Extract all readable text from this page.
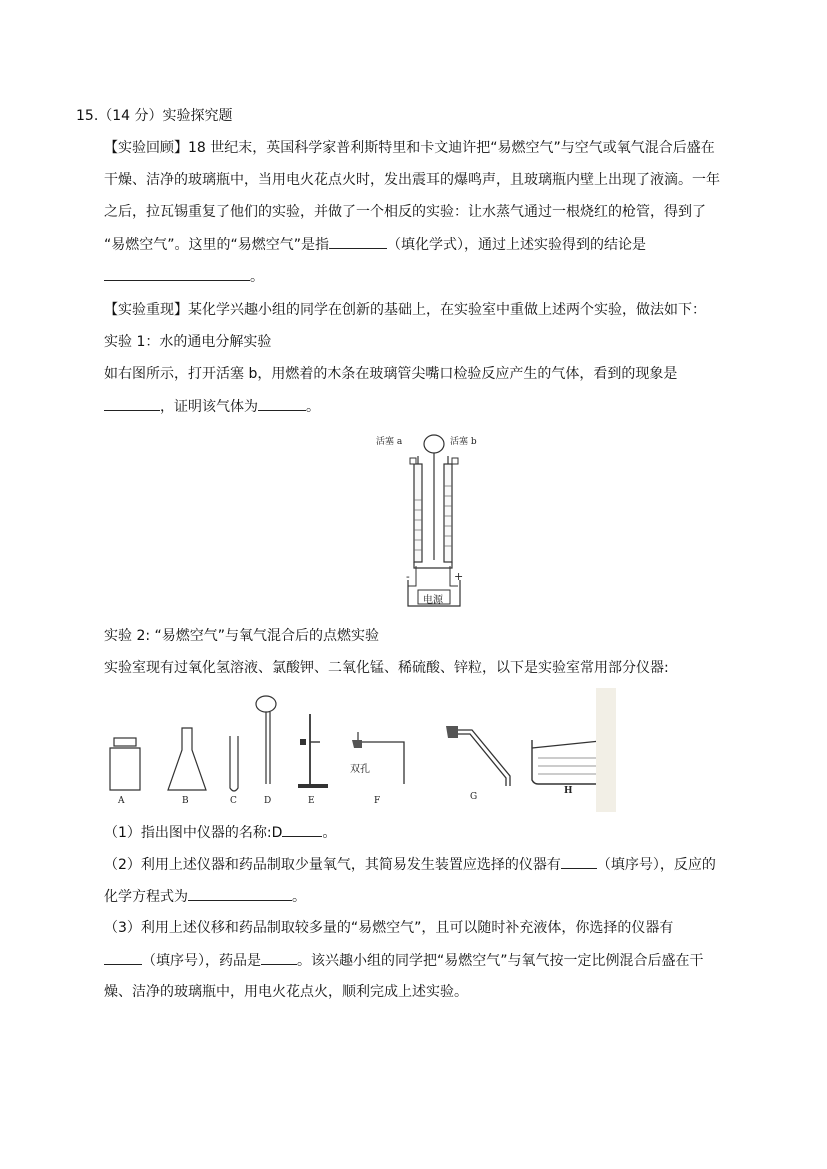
15.（14 分）实验探究题
【实验回顾】18 世纪末，英国科学家普利斯特里和卡文迪许把“易燃空气”与空气或氧气混合后盛在
干燥、洁净的玻璃瓶中，当用电火花点火时，发出震耳的爆鸣声，且玻璃瓶内壁上出现了液滴。一年
之后，拉瓦锡重复了他们的实验，并做了一个相反的实验：让水蒸气通过一根烧红的枪管，得到了
“易燃空气”。这里的“易燃空气”是指	（填化学式），通过上述实验得到的结论是
。
【实验重现】某化学兴趣小组的同学在创新的基础上，在实验室中重做上述两个实验，做法如下：
实验 1：水的通电分解实验
如右图所示，打开活塞 b，用燃着的木条在玻璃管尖嘴口检验反应产生的气体，看到的现象是
，证明该气体为	。
活塞 a	活塞 b
-	+
电源
实验 2: “易燃空气”与氧气混合后的点燃实验
实验室现有过氧化氢溶液、氯酸钾、二氧化锰、稀硫酸、锌粒，以下是实验室常用部分仪器:
A	B	C	D	E	F	G
H
双孔
（1）指出图中仪器的名称:D	。
（2）利用上述仪器和药品制取少量氧气，其简易发生装置应选择的仪器有	（填序号），反应的
化学方程式为	。
（3）利用上述仪移和药品制取较多量的“易燃空气”，且可以随时补充液体，你选择的仪器有
（填序号），药品是	。该兴趣小组的同学把“易燃空气”与氧气按一定比例混合后盛在干
燥、洁净的玻璃瓶中，用电火花点火，顺利完成上述实验。
